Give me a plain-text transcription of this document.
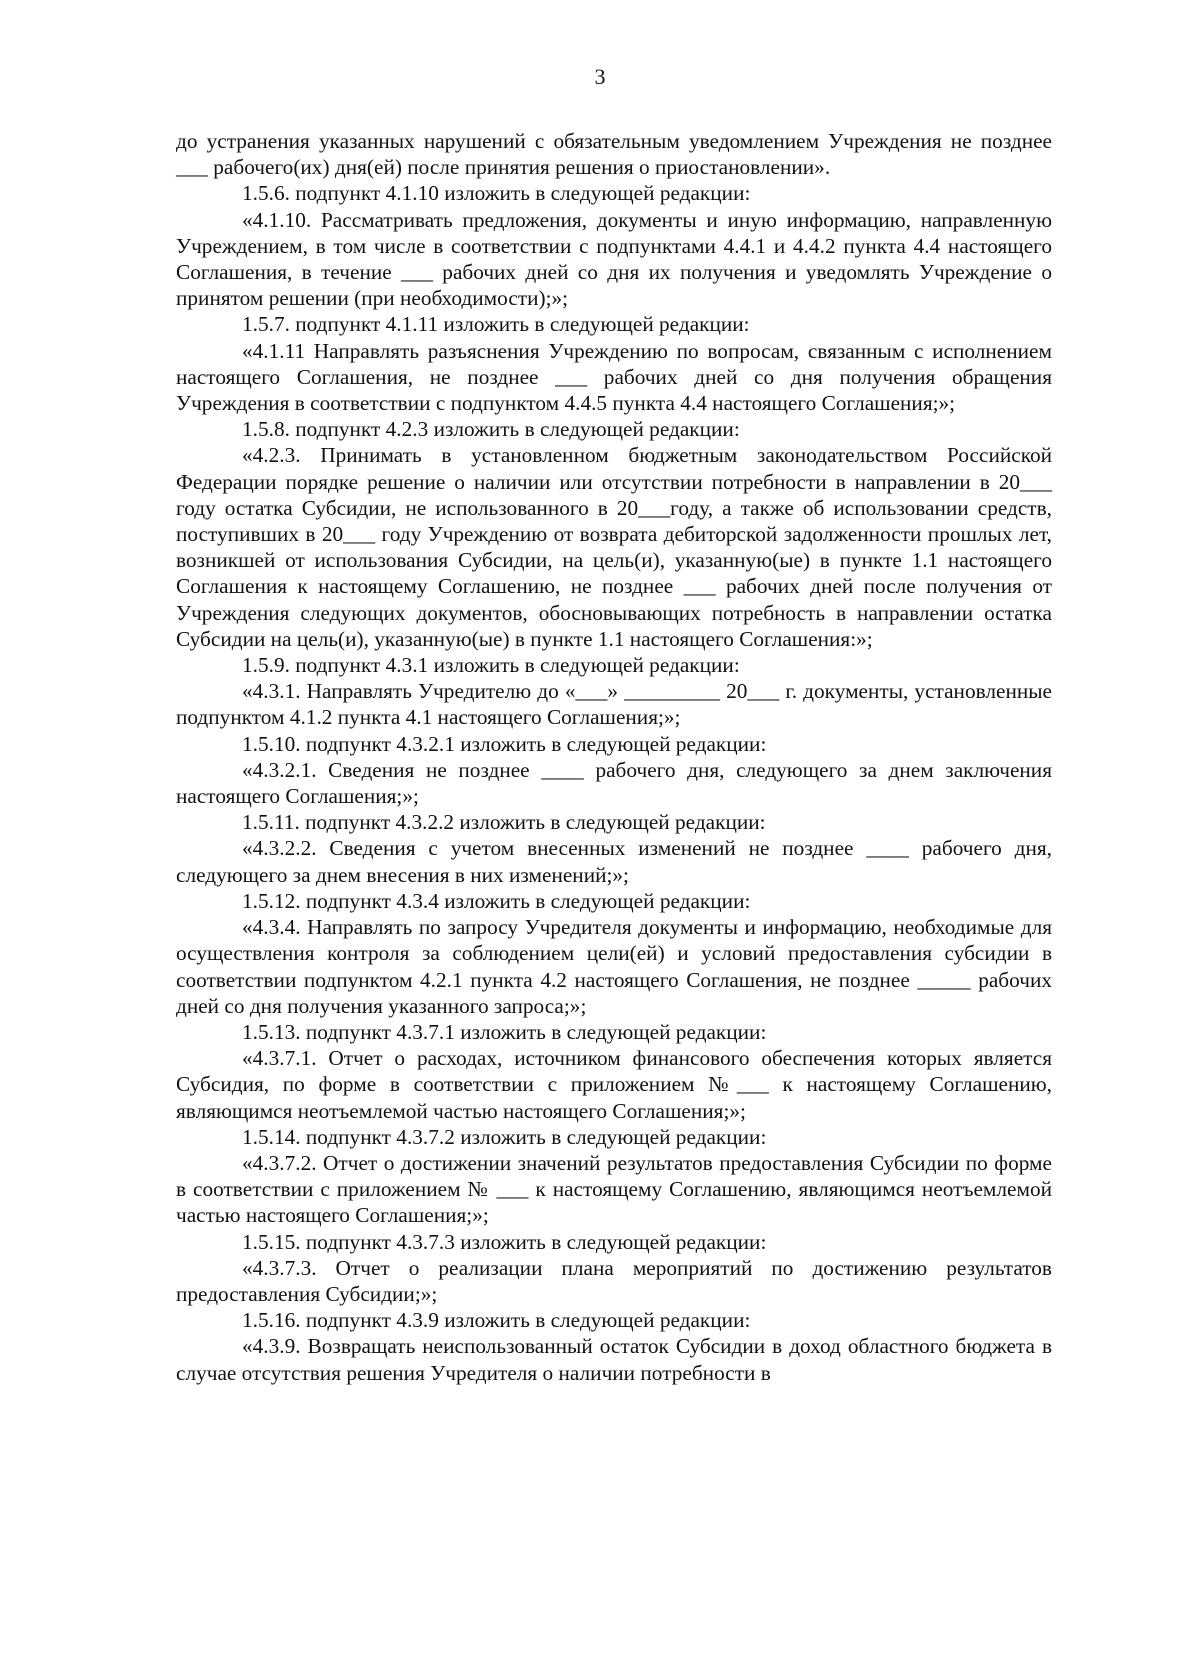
3

до устранения указанных нарушений с обязательным уведомлением Учреждения не позднее ___ рабочего(их) дня(ей) после принятия решения о приостановлении».

1.5.6. подпункт 4.1.10 изложить в следующей редакции:

«4.1.10. Рассматривать предложения, документы и иную информацию, направленную Учреждением, в том числе в соответствии с подпунктами 4.4.1 и 4.4.2 пункта 4.4 настоящего Соглашения, в течение ___ рабочих дней со дня их получения и уведомлять Учреждение о принятом решении (при необходимости);»;

1.5.7. подпункт 4.1.11 изложить в следующей редакции:

«4.1.11 Направлять разъяснения Учреждению по вопросам, связанным с исполнением настоящего Соглашения, не позднее ___ рабочих дней со дня получения обращения Учреждения в соответствии с подпунктом 4.4.5 пункта 4.4 настоящего Соглашения;»;

1.5.8. подпункт 4.2.3 изложить в следующей редакции:

«4.2.3. Принимать в установленном бюджетным законодательством Российской Федерации порядке решение о наличии или отсутствии потребности в направлении в 20___ году остатка Субсидии, не использованного в 20___году, а также об использовании средств, поступивших в 20___ году Учреждению от возврата дебиторской задолженности прошлых лет, возникшей от использования Субсидии, на цель(и), указанную(ые) в пункте 1.1 настоящего Соглашения к настоящему Соглашению, не позднее ___ рабочих дней после получения от Учреждения следующих документов, обосновывающих потребность в направлении остатка Субсидии на цель(и), указанную(ые) в пункте 1.1 настоящего Соглашения:»;

1.5.9. подпункт 4.3.1 изложить в следующей редакции:

«4.3.1. Направлять Учредителю до «___» _________ 20___ г. документы, установленные подпунктом 4.1.2 пункта 4.1 настоящего Соглашения;»;

1.5.10. подпункт 4.3.2.1 изложить в следующей редакции:

«4.3.2.1. Сведения не позднее ____ рабочего дня, следующего за днем заключения настоящего Соглашения;»;

1.5.11. подпункт 4.3.2.2 изложить в следующей редакции:

«4.3.2.2. Сведения с учетом внесенных изменений не позднее ____ рабочего дня, следующего за днем внесения в них изменений;»;

1.5.12. подпункт 4.3.4 изложить в следующей редакции:

«4.3.4. Направлять по запросу Учредителя документы и информацию, необходимые для осуществления контроля за соблюдением цели(ей) и условий предоставления субсидии в соответствии подпунктом 4.2.1 пункта 4.2 настоящего Соглашения, не позднее _____ рабочих дней со дня получения указанного запроса;»;

1.5.13. подпункт 4.3.7.1 изложить в следующей редакции:

«4.3.7.1. Отчет о расходах, источником финансового обеспечения которых является Субсидия, по форме в соответствии с приложением №___ к настоящему Соглашению, являющимся неотъемлемой частью настоящего Соглашения;»;

1.5.14. подпункт 4.3.7.2 изложить в следующей редакции:

«4.3.7.2. Отчет о достижении значений результатов предоставления Субсидии по форме в соответствии с приложением № ___ к настоящему Соглашению, являющимся неотъемлемой частью настоящего Соглашения;»;

1.5.15. подпункт 4.3.7.3 изложить в следующей редакции:

«4.3.7.3. Отчет о реализации плана мероприятий по достижению результатов предоставления Субсидии;»;

1.5.16. подпункт 4.3.9 изложить в следующей редакции:

«4.3.9. Возвращать неиспользованный остаток Субсидии в доход областного бюджета в случае отсутствия решения Учредителя о наличии потребности в
